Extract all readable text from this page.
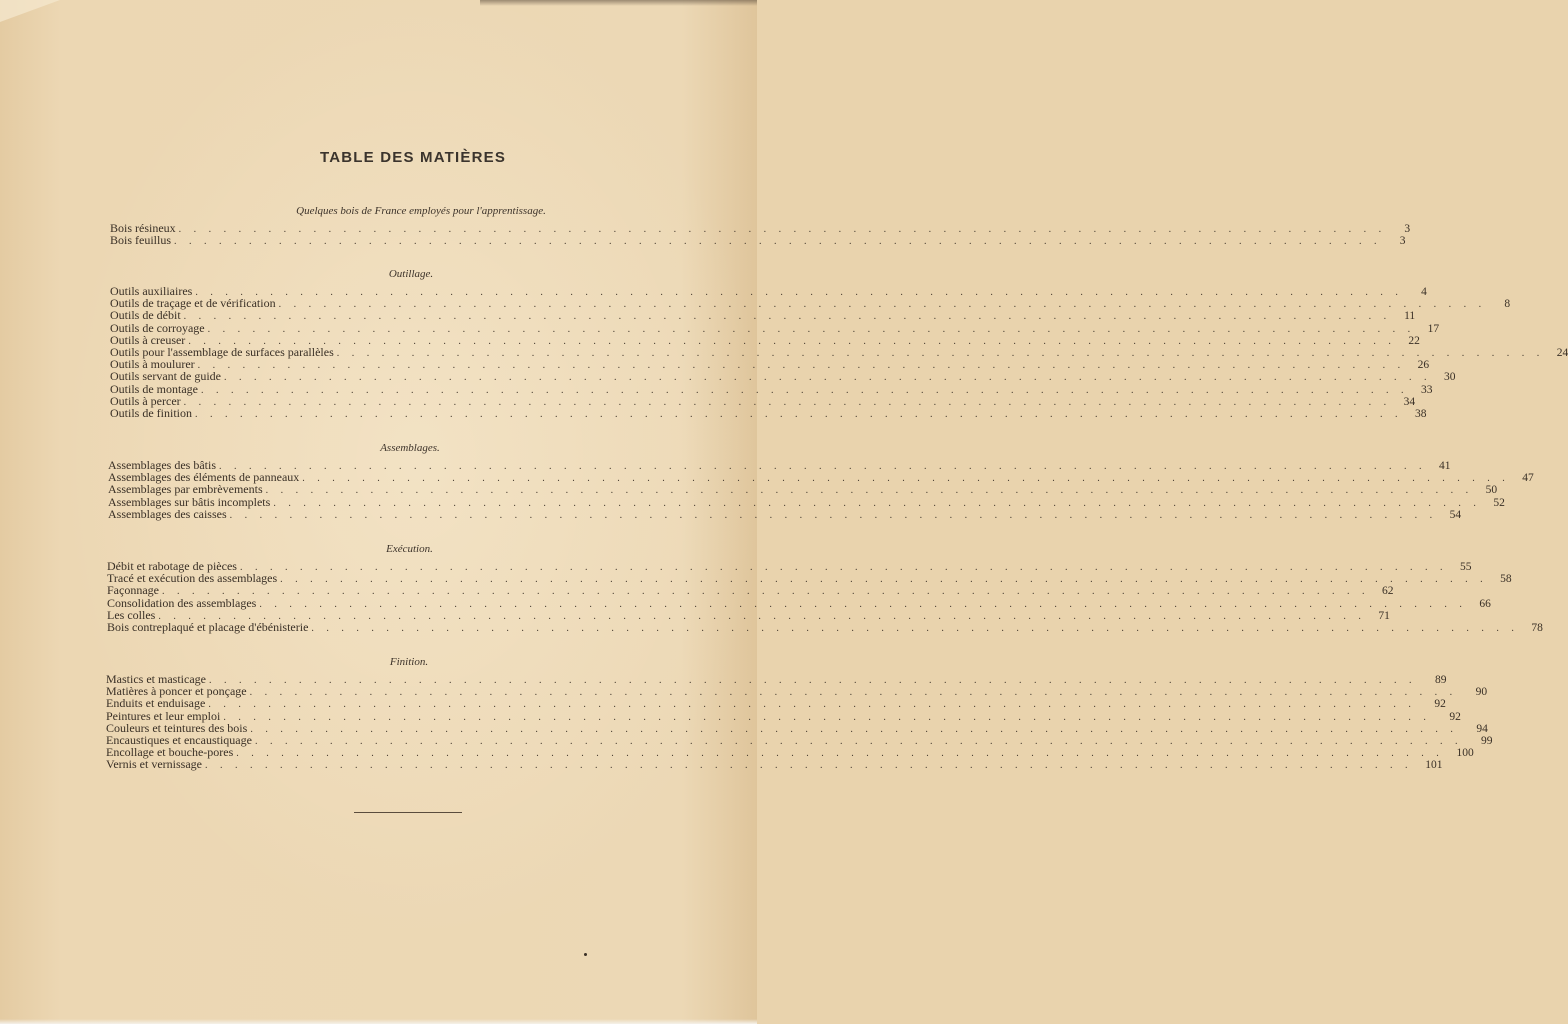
TABLE DES MATIÈRES
Quelques bois de France employés pour l'apprentissage.
Bois résineux . . . . . . . . . . . . . . . . . . . . . . . . . . . . . . . . . . . . . . . . . . . . . . . . . . . . . . . . . . . . . . . . . . . . . . . . . . . . . . . . .	3
Bois feuillus . . . . . . . . . . . . . . . . . . . . . . . . . . . . . . . . . . . . . . . . . . . . . . . . . . . . . . . . . . . . . . . . . . . . . . . . . . . . . . . . .	3
Outillage.
Outils auxiliaires . . . . . . . . . . . . . . . . . . . . . . . . . . . . . . . . . . . . . . . . . . . . . . . . . . . . . . . . . . . . . . . . . . . . . . . . . . . . . . . . .	4
Outils de traçage et de vérification . . . . . . . . . . . . . . . . . . . . . . . . . . . . . . . . . . . . . . . . . . . . . . . . . . . . . . . . . . . . . . . . . . . . . . . . . . . . . . . . .	8
Outils de débit . . . . . . . . . . . . . . . . . . . . . . . . . . . . . . . . . . . . . . . . . . . . . . . . . . . . . . . . . . . . . . . . . . . . . . . . . . . . . . . . .	11
Outils de corroyage . . . . . . . . . . . . . . . . . . . . . . . . . . . . . . . . . . . . . . . . . . . . . . . . . . . . . . . . . . . . . . . . . . . . . . . . . . . . . . . . .	17
Outils à creuser . . . . . . . . . . . . . . . . . . . . . . . . . . . . . . . . . . . . . . . . . . . . . . . . . . . . . . . . . . . . . . . . . . . . . . . . . . . . . . . . .	22
Outils pour l'assemblage de surfaces parallèles . . . . . . . . . . . . . . . . . . . . . . . . . . . . . . . . . . . . . . . . . . . . . . . . . . . . . . . . . . . . . . . . . . . . . . . . . . . . . . . . .	24
Outils à moulurer . . . . . . . . . . . . . . . . . . . . . . . . . . . . . . . . . . . . . . . . . . . . . . . . . . . . . . . . . . . . . . . . . . . . . . . . . . . . . . . . .	26
Outils servant de guide . . . . . . . . . . . . . . . . . . . . . . . . . . . . . . . . . . . . . . . . . . . . . . . . . . . . . . . . . . . . . . . . . . . . . . . . . . . . . . . . .	30
Outils de montage . . . . . . . . . . . . . . . . . . . . . . . . . . . . . . . . . . . . . . . . . . . . . . . . . . . . . . . . . . . . . . . . . . . . . . . . . . . . . . . . .	33
Outils à percer . . . . . . . . . . . . . . . . . . . . . . . . . . . . . . . . . . . . . . . . . . . . . . . . . . . . . . . . . . . . . . . . . . . . . . . . . . . . . . . . .	34
Outils de finition . . . . . . . . . . . . . . . . . . . . . . . . . . . . . . . . . . . . . . . . . . . . . . . . . . . . . . . . . . . . . . . . . . . . . . . . . . . . . . . . .	38
Assemblages.
Assemblages des bâtis . . . . . . . . . . . . . . . . . . . . . . . . . . . . . . . . . . . . . . . . . . . . . . . . . . . . . . . . . . . . . . . . . . . . . . . . . . . . . . . . .	41
Assemblages des éléments de panneaux . . . . . . . . . . . . . . . . . . . . . . . . . . . . . . . . . . . . . . . . . . . . . . . . . . . . . . . . . . . . . . . . . . . . . . . . . . . . . . . . .	47
Assemblages par embrèvements . . . . . . . . . . . . . . . . . . . . . . . . . . . . . . . . . . . . . . . . . . . . . . . . . . . . . . . . . . . . . . . . . . . . . . . . . . . . . . . . .	50
Assemblages sur bâtis incomplets . . . . . . . . . . . . . . . . . . . . . . . . . . . . . . . . . . . . . . . . . . . . . . . . . . . . . . . . . . . . . . . . . . . . . . . . . . . . . . . . .	52
Assemblages des caisses . . . . . . . . . . . . . . . . . . . . . . . . . . . . . . . . . . . . . . . . . . . . . . . . . . . . . . . . . . . . . . . . . . . . . . . . . . . . . . . . .	54
Exécution.
Débit et rabotage de pièces . . . . . . . . . . . . . . . . . . . . . . . . . . . . . . . . . . . . . . . . . . . . . . . . . . . . . . . . . . . . . . . . . . . . . . . . . . . . . . . . .	55
Tracé et exécution des assemblages . . . . . . . . . . . . . . . . . . . . . . . . . . . . . . . . . . . . . . . . . . . . . . . . . . . . . . . . . . . . . . . . . . . . . . . . . . . . . . . . .	58
Façonnage . . . . . . . . . . . . . . . . . . . . . . . . . . . . . . . . . . . . . . . . . . . . . . . . . . . . . . . . . . . . . . . . . . . . . . . . . . . . . . . . .	62
Consolidation des assemblages . . . . . . . . . . . . . . . . . . . . . . . . . . . . . . . . . . . . . . . . . . . . . . . . . . . . . . . . . . . . . . . . . . . . . . . . . . . . . . . . .	66
Les colles . . . . . . . . . . . . . . . . . . . . . . . . . . . . . . . . . . . . . . . . . . . . . . . . . . . . . . . . . . . . . . . . . . . . . . . . . . . . . . . . .	71
Bois contreplaqué et placage d'ébénisterie . . . . . . . . . . . . . . . . . . . . . . . . . . . . . . . . . . . . . . . . . . . . . . . . . . . . . . . . . . . . . . . . . . . . . . . . . . . . . . . . .	78
Finition.
Mastics et masticage . . . . . . . . . . . . . . . . . . . . . . . . . . . . . . . . . . . . . . . . . . . . . . . . . . . . . . . . . . . . . . . . . . . . . . . . . . . . . . . . .	89
Matières à poncer et ponçage . . . . . . . . . . . . . . . . . . . . . . . . . . . . . . . . . . . . . . . . . . . . . . . . . . . . . . . . . . . . . . . . . . . . . . . . . . . . . . . . .	90
Enduits et enduisage . . . . . . . . . . . . . . . . . . . . . . . . . . . . . . . . . . . . . . . . . . . . . . . . . . . . . . . . . . . . . . . . . . . . . . . . . . . . . . . . .	92
Peintures et leur emploi . . . . . . . . . . . . . . . . . . . . . . . . . . . . . . . . . . . . . . . . . . . . . . . . . . . . . . . . . . . . . . . . . . . . . . . . . . . . . . . . .	92
Couleurs et teintures des bois . . . . . . . . . . . . . . . . . . . . . . . . . . . . . . . . . . . . . . . . . . . . . . . . . . . . . . . . . . . . . . . . . . . . . . . . . . . . . . . . .	94
Encaustiques et encaustiquage . . . . . . . . . . . . . . . . . . . . . . . . . . . . . . . . . . . . . . . . . . . . . . . . . . . . . . . . . . . . . . . . . . . . . . . . . . . . . . . . .	99
Encollage et bouche-pores . . . . . . . . . . . . . . . . . . . . . . . . . . . . . . . . . . . . . . . . . . . . . . . . . . . . . . . . . . . . . . . . . . . . . . . . . . . . . . . . .	100
Vernis et vernissage . . . . . . . . . . . . . . . . . . . . . . . . . . . . . . . . . . . . . . . . . . . . . . . . . . . . . . . . . . . . . . . . . . . . . . . . . . . . . . . . .	101
